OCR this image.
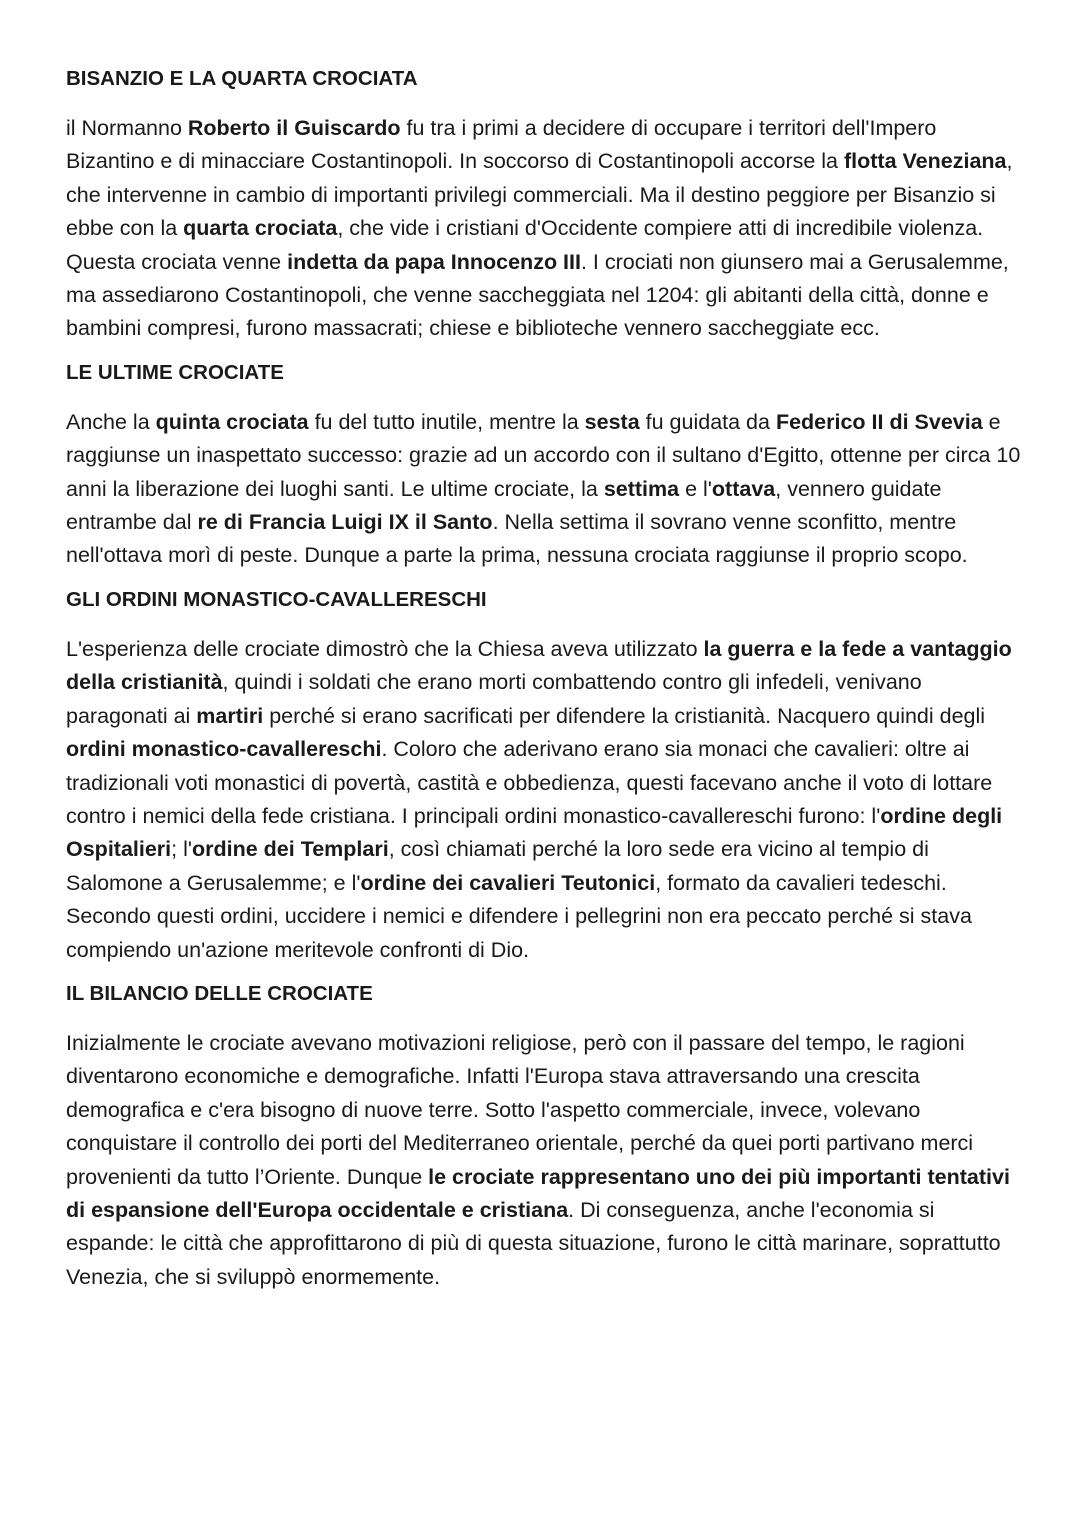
BISANZIO E LA QUARTA CROCIATA

il Normanno Roberto il Guiscardo fu tra i primi a decidere di occupare i territori dell'Impero Bizantino e di minacciare Costantinopoli. In soccorso di Costantinopoli accorse la flotta Veneziana, che intervenne in cambio di importanti privilegi commerciali. Ma il destino peggiore per Bisanzio si ebbe con la quarta crociata, che vide i cristiani d'Occidente compiere atti di incredibile violenza. Questa crociata venne indetta da papa Innocenzo III. I crociati non giunsero mai a Gerusalemme, ma assediarono Costantinopoli, che venne saccheggiata nel 1204: gli abitanti della città, donne e bambini compresi, furono massacrati; chiese e biblioteche vennero saccheggiate ecc.

LE ULTIME CROCIATE

Anche la quinta crociata fu del tutto inutile, mentre la sesta fu guidata da Federico II di Svevia e raggiunse un inaspettato successo: grazie ad un accordo con il sultano d'Egitto, ottenne per circa 10 anni la liberazione dei luoghi santi. Le ultime crociate, la settima e l'ottava, vennero guidate entrambe dal re di Francia Luigi IX il Santo. Nella settima il sovrano venne sconfitto, mentre nell'ottava morì di peste. Dunque a parte la prima, nessuna crociata raggiunse il proprio scopo.

GLI ORDINI MONASTICO-CAVALLERESCHI

L'esperienza delle crociate dimostrò che la Chiesa aveva utilizzato la guerra e la fede a vantaggio della cristianità, quindi i soldati che erano morti combattendo contro gli infedeli, venivano paragonati ai martiri perché si erano sacrificati per difendere la cristianità. Nacquero quindi degli ordini monastico-cavallereschi. Coloro che aderivano erano sia monaci che cavalieri: oltre ai tradizionali voti monastici di povertà, castità e obbedienza, questi facevano anche il voto di lottare contro i nemici della fede cristiana. I principali ordini monastico-cavallereschi furono: l'ordine degli Ospitalieri; l'ordine dei Templari, così chiamati perché la loro sede era vicino al tempio di Salomone a Gerusalemme; e l'ordine dei cavalieri Teutonici, formato da cavalieri tedeschi. Secondo questi ordini, uccidere i nemici e difendere i pellegrini non era peccato perché si stava compiendo un'azione meritevole confronti di Dio.

IL BILANCIO DELLE CROCIATE

Inizialmente le crociate avevano motivazioni religiose, però con il passare del tempo, le ragioni diventarono economiche e demografiche. Infatti l'Europa stava attraversando una crescita demografica e c'era bisogno di nuove terre. Sotto l'aspetto commerciale, invece, volevano conquistare il controllo dei porti del Mediterraneo orientale, perché da quei porti partivano merci provenienti da tutto l’Oriente. Dunque le crociate rappresentano uno dei più importanti tentativi di espansione dell'Europa occidentale e cristiana. Di conseguenza, anche l'economia si espande: le città che approfittarono di più di questa situazione, furono le città marinare, soprattutto Venezia, che si sviluppò enormemente.
